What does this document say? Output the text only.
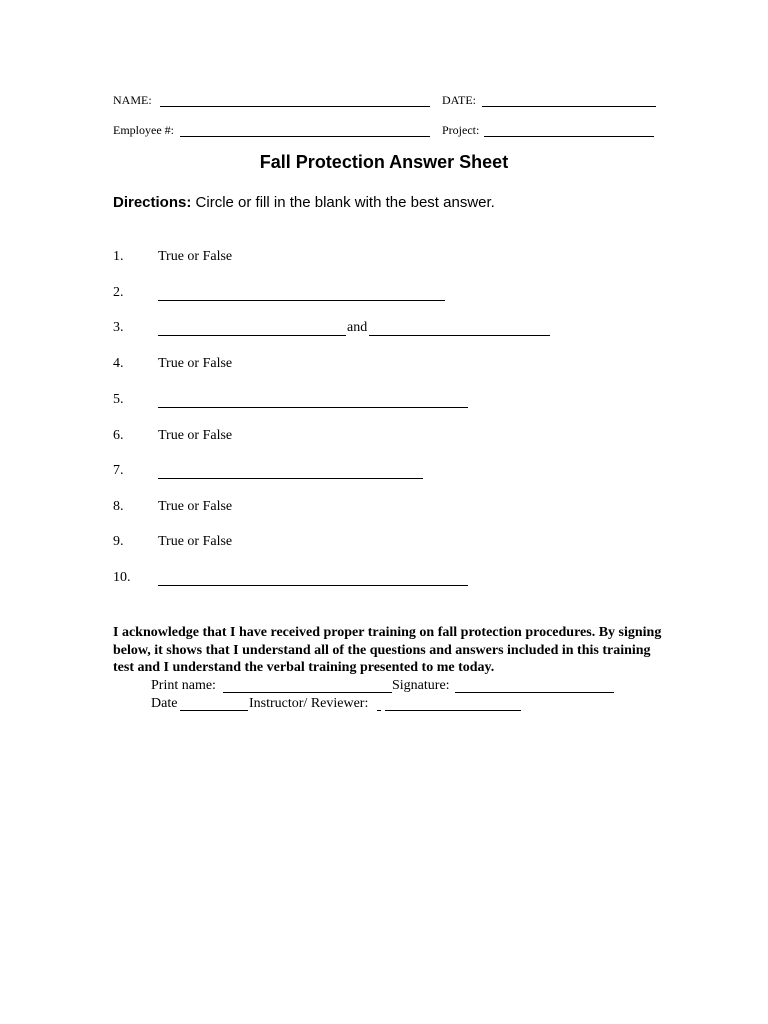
NAME:	DATE:
Employee #:	Project:
Fall Protection Answer Sheet
Directions: Circle or fill in the blank with the best answer.
1. True or False
2.
3.	and
4. True or False
5.
6. True or False
7.
8. True or False
9. True or False
10.
I acknowledge that I have received proper training on fall protection procedures. By signing below, it shows that I understand all of the questions and answers included in this training test and I understand the verbal training presented to me today.
Print name:	Signature:
Date	Instructor/ Reviewer:
